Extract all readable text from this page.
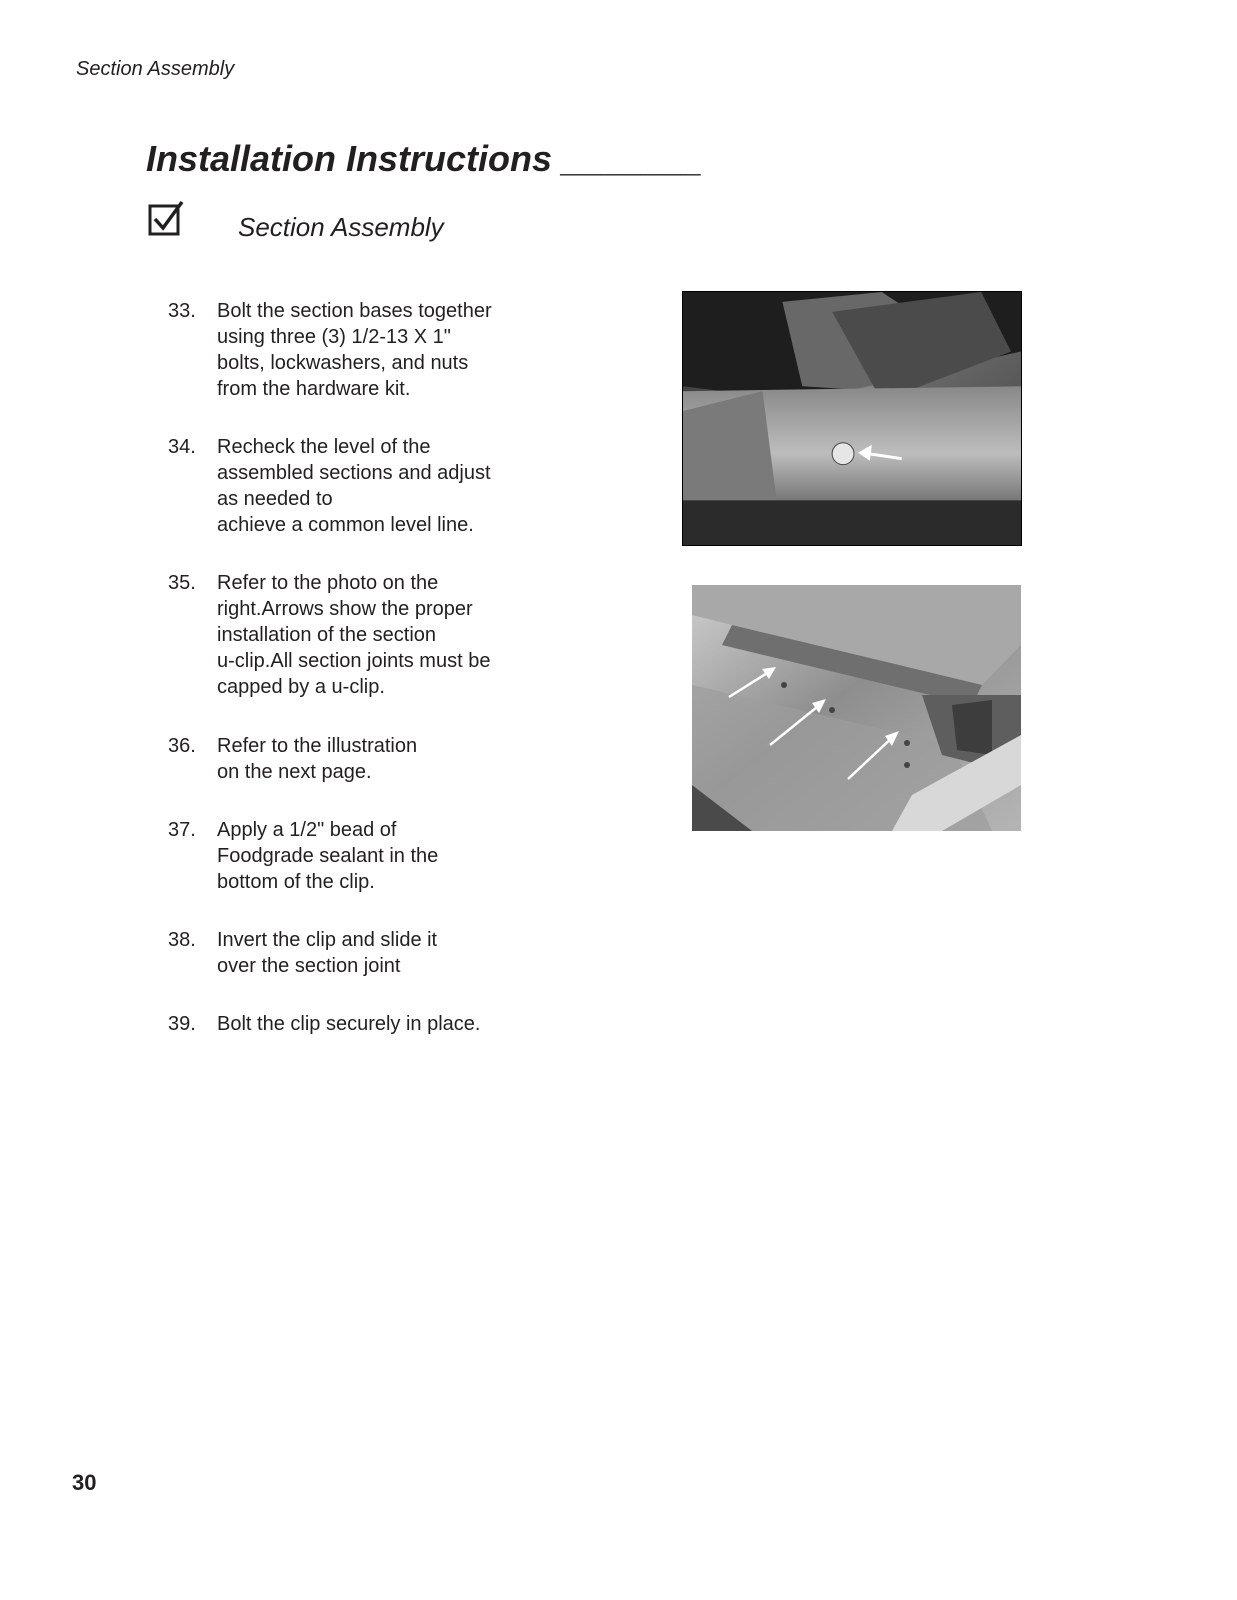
Section Assembly
Installation Instructions _______
Section Assembly
33. Bolt the section bases together
using three (3) 1/2-13 X 1"
bolts, lockwashers, and nuts
from the hardware kit.
34. Recheck the level of the
assembled sections and adjust
as needed to
achieve a common level line.
35. Refer to the photo on the
right.Arrows show the proper
installation of the section
u-clip.All section joints must be
capped by a u-clip.
36. Refer to the illustration
on the next page.
37. Apply a 1/2" bead of
Foodgrade sealant in the
bottom of the clip.
38. Invert the clip and slide it
over the section joint
39. Bolt the clip securely in place.
30
